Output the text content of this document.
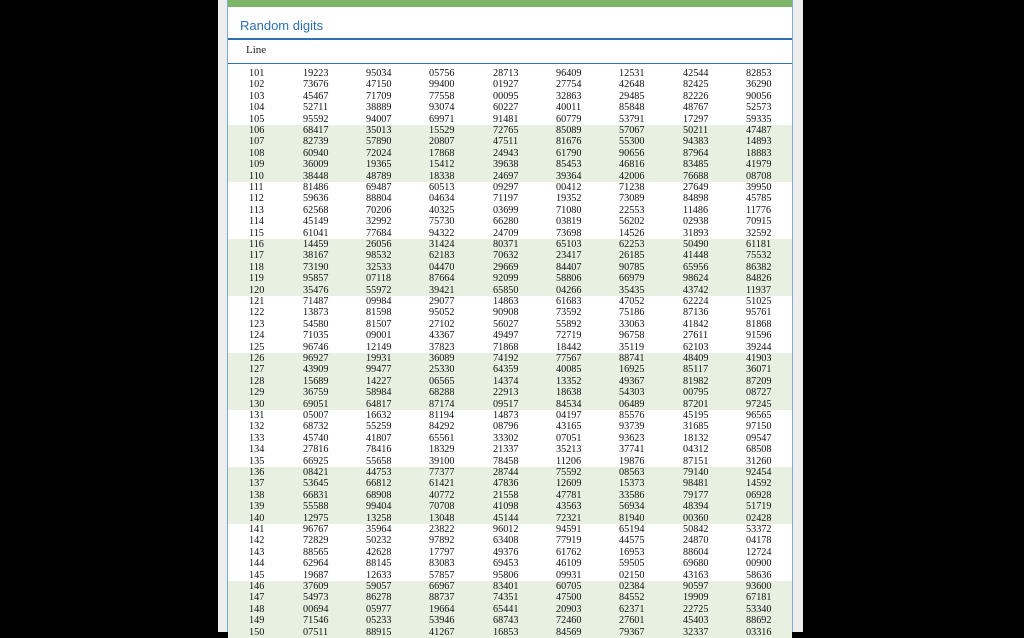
Random digits
Line
101	19223	95034	05756	28713	96409	12531	42544	82853
102	73676	47150	99400	01927	27754	42648	82425	36290
103	45467	71709	77558	00095	32863	29485	82226	90056
104	52711	38889	93074	60227	40011	85848	48767	52573
105	95592	94007	69971	91481	60779	53791	17297	59335
106	68417	35013	15529	72765	85089	57067	50211	47487
107	82739	57890	20807	47511	81676	55300	94383	14893
108	60940	72024	17868	24943	61790	90656	87964	18883
109	36009	19365	15412	39638	85453	46816	83485	41979
110	38448	48789	18338	24697	39364	42006	76688	08708
111	81486	69487	60513	09297	00412	71238	27649	39950
112	59636	88804	04634	71197	19352	73089	84898	45785
113	62568	70206	40325	03699	71080	22553	11486	11776
114	45149	32992	75730	66280	03819	56202	02938	70915
115	61041	77684	94322	24709	73698	14526	31893	32592
116	14459	26056	31424	80371	65103	62253	50490	61181
117	38167	98532	62183	70632	23417	26185	41448	75532
118	73190	32533	04470	29669	84407	90785	65956	86382
119	95857	07118	87664	92099	58806	66979	98624	84826
120	35476	55972	39421	65850	04266	35435	43742	11937
121	71487	09984	29077	14863	61683	47052	62224	51025
122	13873	81598	95052	90908	73592	75186	87136	95761
123	54580	81507	27102	56027	55892	33063	41842	81868
124	71035	09001	43367	49497	72719	96758	27611	91596
125	96746	12149	37823	71868	18442	35119	62103	39244
126	96927	19931	36089	74192	77567	88741	48409	41903
127	43909	99477	25330	64359	40085	16925	85117	36071
128	15689	14227	06565	14374	13352	49367	81982	87209
129	36759	58984	68288	22913	18638	54303	00795	08727
130	69051	64817	87174	09517	84534	06489	87201	97245
131	05007	16632	81194	14873	04197	85576	45195	96565
132	68732	55259	84292	08796	43165	93739	31685	97150
133	45740	41807	65561	33302	07051	93623	18132	09547
134	27816	78416	18329	21337	35213	37741	04312	68508
135	66925	55658	39100	78458	11206	19876	87151	31260
136	08421	44753	77377	28744	75592	08563	79140	92454
137	53645	66812	61421	47836	12609	15373	98481	14592
138	66831	68908	40772	21558	47781	33586	79177	06928
139	55588	99404	70708	41098	43563	56934	48394	51719
140	12975	13258	13048	45144	72321	81940	00360	02428
141	96767	35964	23822	96012	94591	65194	50842	53372
142	72829	50232	97892	63408	77919	44575	24870	04178
143	88565	42628	17797	49376	61762	16953	88604	12724
144	62964	88145	83083	69453	46109	59505	69680	00900
145	19687	12633	57857	95806	09931	02150	43163	58636
146	37609	59057	66967	83401	60705	02384	90597	93600
147	54973	86278	88737	74351	47500	84552	19909	67181
148	00694	05977	19664	65441	20903	62371	22725	53340
149	71546	05233	53946	68743	72460	27601	45403	88692
150	07511	88915	41267	16853	84569	79367	32337	03316
